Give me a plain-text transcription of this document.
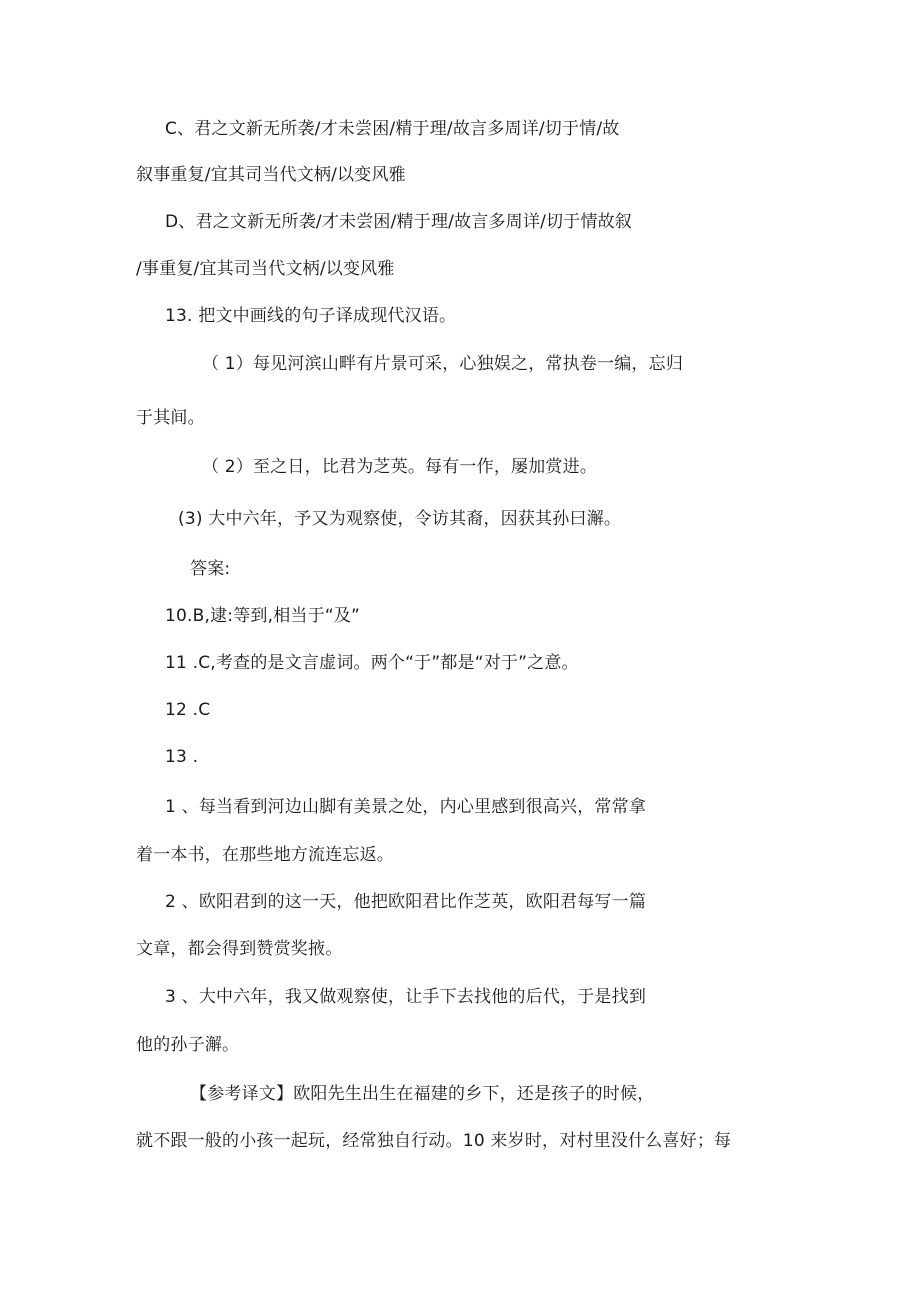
C、君之文新无所袭/才未尝困/精于理/故言多周详/切于情/故
叙事重复/宜其司当代文柄/以变风雅
D、君之文新无所袭/才未尝困/精于理/故言多周详/切于情故叙
/事重复/宜其司当代文柄/以变风雅
13. 把文中画线的句子译成现代汉语。
（ 1）每见河滨山畔有片景可采，心独娱之，常执卷一编，忘归
于其间。
（ 2）至之日，比君为芝英。每有一作，屡加赏进。
(3) 大中六年，予又为观察使，令访其裔，因获其孙曰澥。
答案:
10.B,逮:等到,相当于“及”
11 .C,考查的是文言虚词。两个“于”都是“对于”之意。
12 .C
13 .
1 、每当看到河边山脚有美景之处，内心里感到很高兴，常常拿
着一本书，在那些地方流连忘返。
2 、欧阳君到的这一天，他把欧阳君比作芝英，欧阳君每写一篇
文章，都会得到赞赏奖掖。
3 、大中六年，我又做观察使，让手下去找他的后代，于是找到
他的孙子澥。
【参考译文】欧阳先生出生在福建的乡下，还是孩子的时候，
就不跟一般的小孩一起玩，经常独自行动。10 来岁时，对村里没什么喜好；每
